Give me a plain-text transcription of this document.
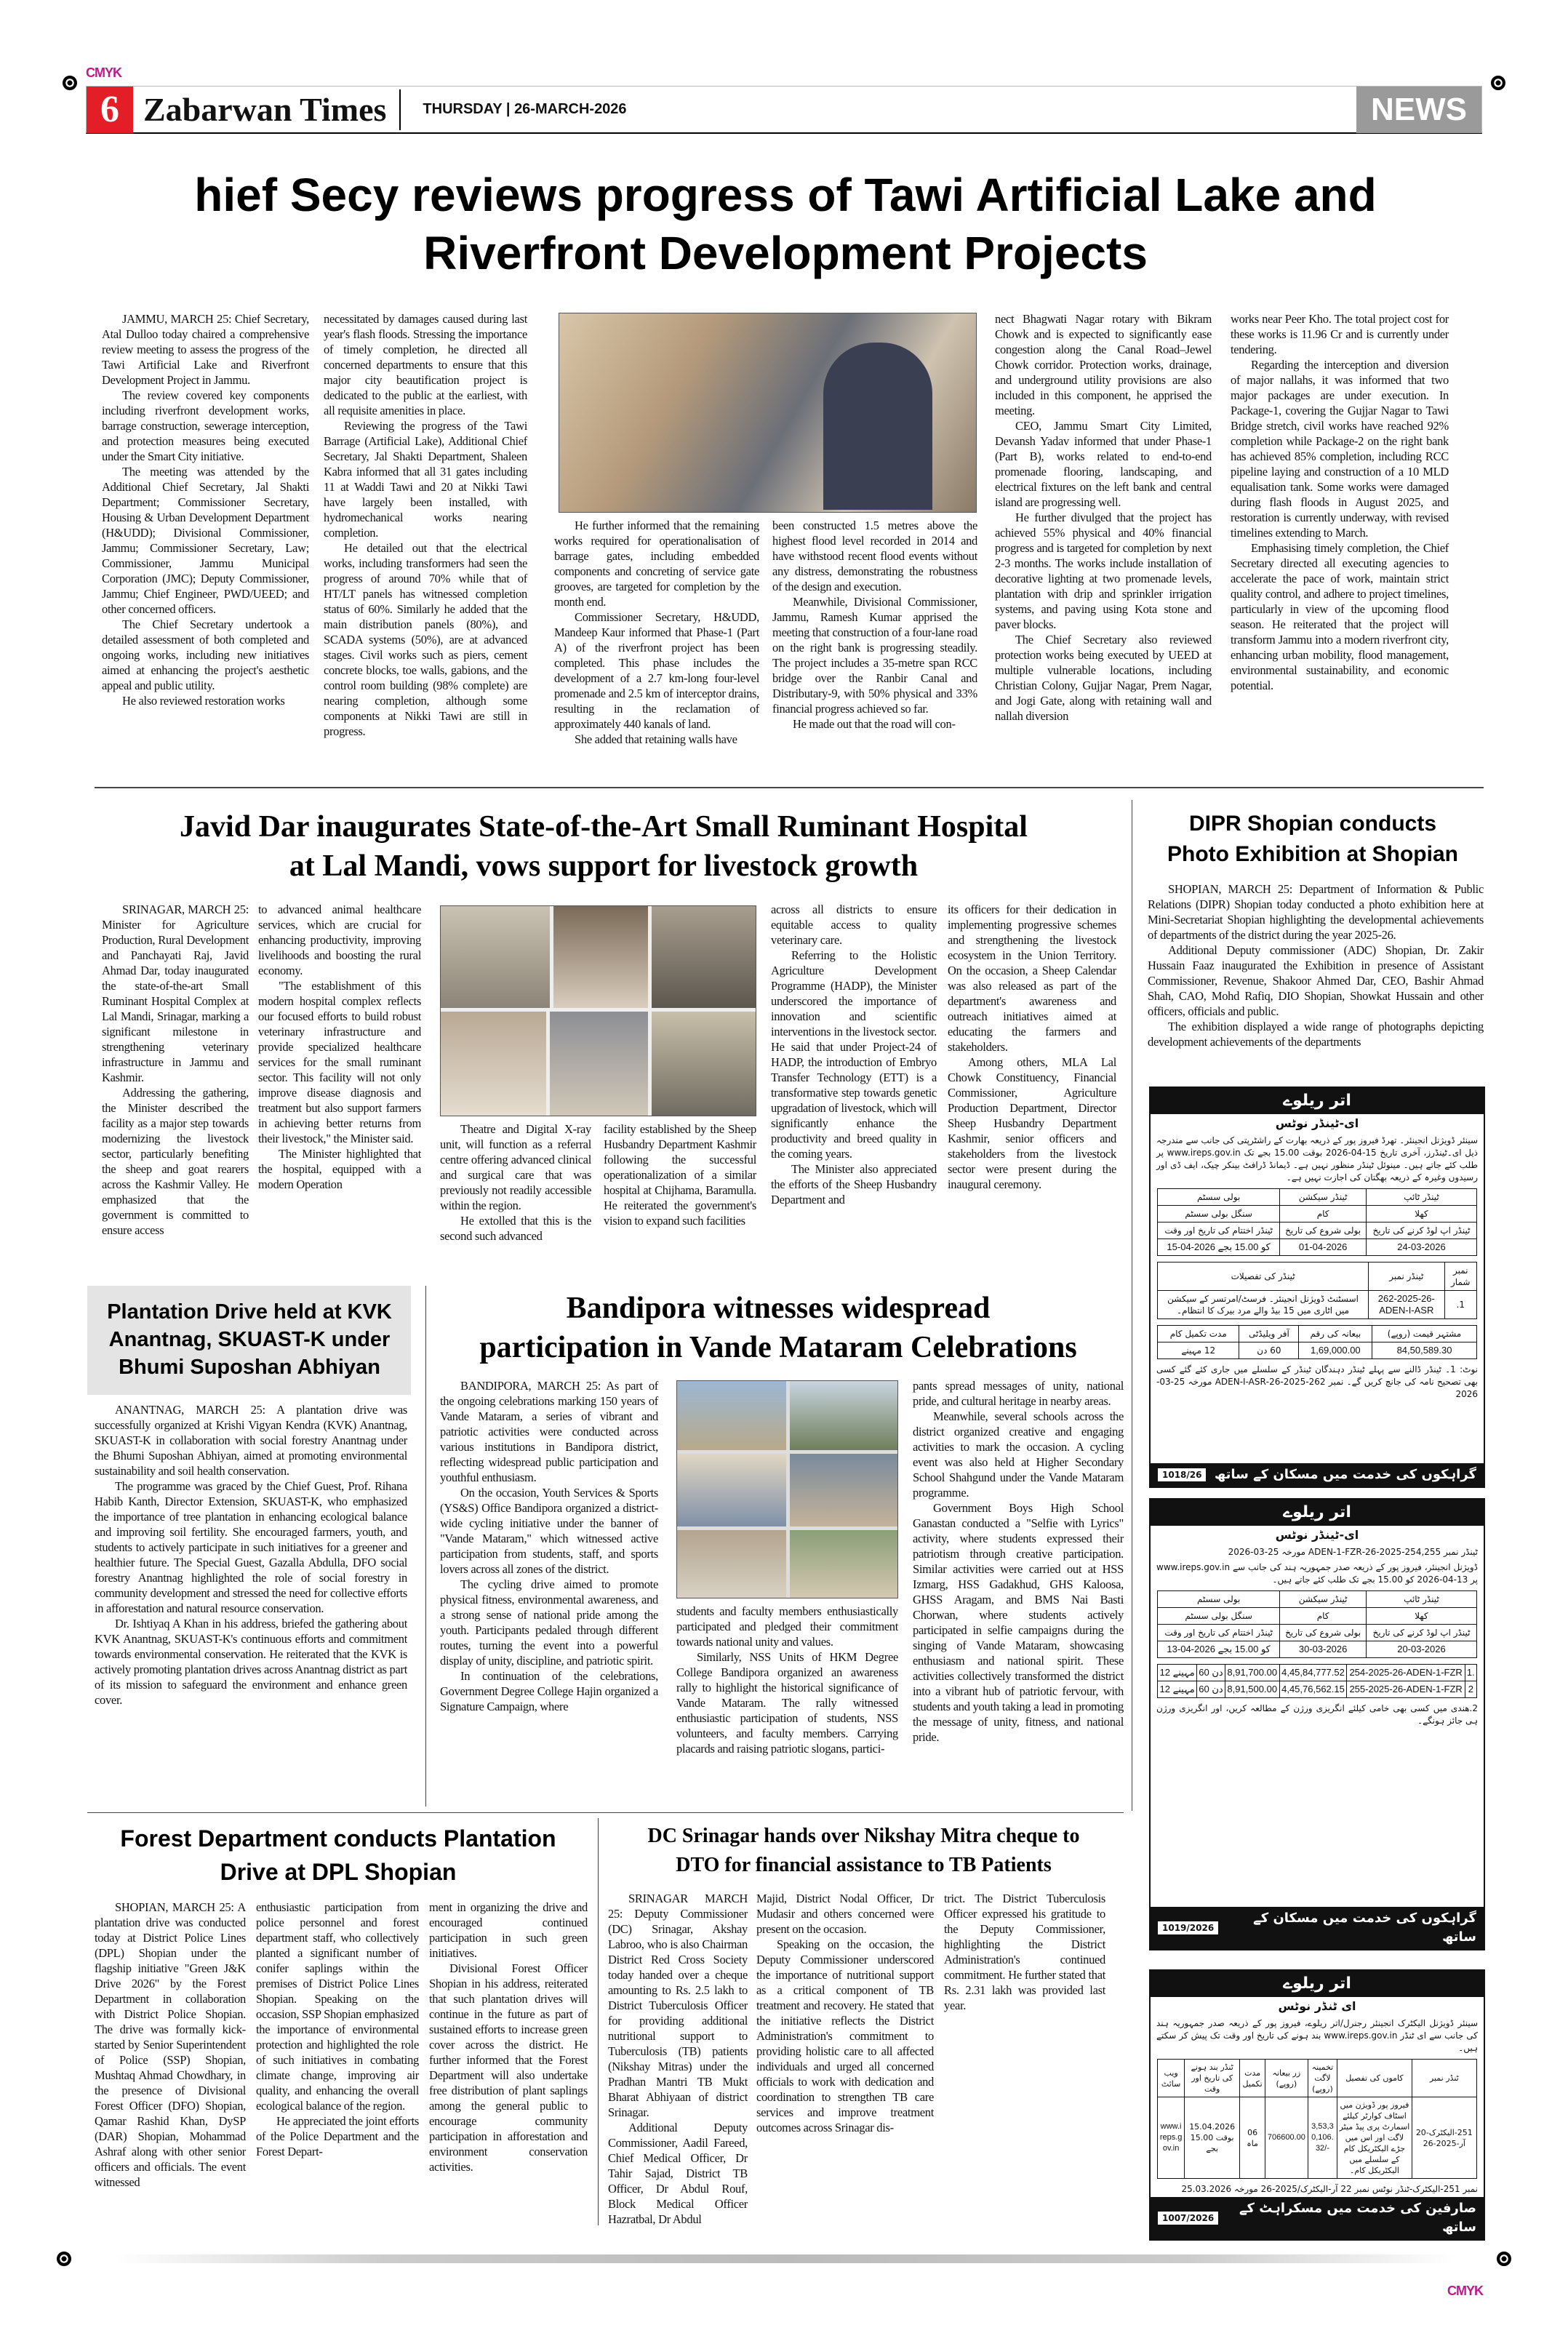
CMYK
6 Zabarwan Times	THURSDAY | 26-MARCH-2026	NEWS
hief Secy reviews progress of Tawi Artificial Lake and
Riverfront Development Projects

JAMMU, MARCH 25: Chief Secretary, Atal Dulloo today chaired a comprehensive review meeting to assess the progress of the Tawi Artificial Lake and Riverfront Development Project in Jammu.

The review covered key components including riverfront development works, barrage construction, sewerage interception, and protection measures being executed under the Smart City initiative.

The meeting was attended by the Additional Chief Secretary, Jal Shakti Department; Commissioner Secretary, Housing & Urban Development Department (H&UDD); Divisional Commissioner, Jammu; Commissioner Secretary, Law; Commissioner, Jammu Municipal Corporation (JMC); Deputy Commissioner, Jammu; Chief Engineer, PWD/UEED; and other concerned officers.

The Chief Secretary undertook a detailed assessment of both completed and ongoing works, including new initiatives aimed at enhancing the project's aesthetic appeal and public utility.

He also reviewed restoration works

necessitated by damages caused during last year's flash floods. Stressing the importance of timely completion, he directed all concerned departments to ensure that this major city beautification project is dedicated to the public at the earliest, with all requisite amenities in place.

Reviewing the progress of the Tawi Barrage (Artificial Lake), Additional Chief Secretary, Jal Shakti Department, Shaleen Kabra informed that all 31 gates including 11 at Waddi Tawi and 20 at Nikki Tawi have largely been installed, with hydromechanical works nearing completion.

He detailed out that the electrical works, including transformers had seen the progress of around 70% while that of HT/LT panels has witnessed completion status of 60%. Similarly he added that the main distribution panels (80%), and SCADA systems (50%), are at advanced stages. Civil works such as piers, cement concrete blocks, toe walls, gabions, and the control room building (98% complete) are nearing completion, although some components at Nikki Tawi are still in progress.

He further informed that the remaining works required for operationalisation of barrage gates, including embedded components and concreting of service gate grooves, are targeted for completion by the month end.

Commissioner Secretary, H&UDD, Mandeep Kaur informed that Phase-1 (Part A) of the riverfront project has been completed. This phase includes the development of a 2.7 km-long four-level promenade and 2.5 km of interceptor drains, resulting in the reclamation of approximately 440 kanals of land.

She added that retaining walls have

been constructed 1.5 metres above the highest flood level recorded in 2014 and have withstood recent flood events without any distress, demonstrating the robustness of the design and execution.

Meanwhile, Divisional Commissioner, Jammu, Ramesh Kumar apprised the meeting that construction of a four-lane road on the right bank is progressing steadily. The project includes a 35-metre span RCC bridge over the Ranbir Canal and Distributary-9, with 50% physical and 33% financial progress achieved so far.

He made out that the road will con-

nect Bhagwati Nagar rotary with Bikram Chowk and is expected to significantly ease congestion along the Canal Road–Jewel Chowk corridor. Protection works, drainage, and underground utility provisions are also included in this component, he apprised the meeting.

CEO, Jammu Smart City Limited, Devansh Yadav informed that under Phase-1 (Part B), works related to end-to-end promenade flooring, landscaping, and electrical fixtures on the left bank and central island are progressing well.

He further divulged that the project has achieved 55% physical and 40% financial progress and is targeted for completion by next 2-3 months. The works include installation of decorative lighting at two promenade levels, plantation with drip and sprinkler irrigation systems, and paving using Kota stone and paver blocks.

The Chief Secretary also reviewed protection works being executed by UEED at multiple vulnerable locations, including Christian Colony, Gujjar Nagar, Prem Nagar, and Jogi Gate, along with retaining wall and nallah diversion

works near Peer Kho. The total project cost for these works is 11.96 Cr and is currently under tendering.

Regarding the interception and diversion of major nallahs, it was informed that two major packages are under execution. In Package-1, covering the Gujjar Nagar to Tawi Bridge stretch, civil works have reached 92% completion while Package-2 on the right bank has achieved 85% completion, including RCC pipeline laying and construction of a 10 MLD equalisation tank. Some works were damaged during flash floods in August 2025, and restoration is currently underway, with revised timelines extending to March.

Emphasising timely completion, the Chief Secretary directed all executing agencies to accelerate the pace of work, maintain strict quality control, and adhere to project timelines, particularly in view of the upcoming flood season. He reiterated that the project will transform Jammu into a modern riverfront city, enhancing urban mobility, flood management, environmental sustainability, and economic potential.

Javid Dar inaugurates State-of-the-Art Small Ruminant Hospital
at Lal Mandi, vows support for livestock growth

SRINAGAR, MARCH 25: Minister for Agriculture Production, Rural Development and Panchayati Raj, Javid Ahmad Dar, today inaugurated the state-of-the-art Small Ruminant Hospital Complex at Lal Mandi, Srinagar, marking a significant milestone in strengthening veterinary infrastructure in Jammu and Kashmir.

Addressing the gathering, the Minister described the facility as a major step towards modernizing the livestock sector, particularly benefiting the sheep and goat rearers across the Kashmir Valley. He emphasized that the government is committed to ensure access

to advanced animal healthcare services, which are crucial for enhancing productivity, improving livelihoods and boosting the rural economy.

"The establishment of this modern hospital complex reflects our focused efforts to build robust veterinary infrastructure and provide specialized healthcare services for the small ruminant sector. This facility will not only improve disease diagnosis and treatment but also support farmers in achieving better returns from their livestock," the Minister said.

The Minister highlighted that the hospital, equipped with a modern Operation

Theatre and Digital X-ray unit, will function as a referral centre offering advanced clinical and surgical care that was previously not readily accessible within the region.

He extolled that this is the second such advanced

facility established by the Sheep Husbandry Department Kashmir following the successful operationalization of a similar hospital at Chijhama, Baramulla. He reiterated the government's vision to expand such facilities

across all districts to ensure equitable access to quality veterinary care.

Referring to the Holistic Agriculture Development Programme (HADP), the Minister underscored the importance of innovation and scientific interventions in the livestock sector. He said that under Project-24 of HADP, the introduction of Embryo Transfer Technology (ETT) is a transformative step towards genetic upgradation of livestock, which will significantly enhance the productivity and breed quality in the coming years.

The Minister also appreciated the efforts of the Sheep Husbandry Department and

its officers for their dedication in implementing progressive schemes and strengthening the livestock ecosystem in the Union Territory. On the occasion, a Sheep Calendar was also released as part of the department's awareness and outreach initiatives aimed at educating the farmers and stakeholders.

Among others, MLA Lal Chowk Constituency, Financial Commissioner, Agriculture Production Department, Director Sheep Husbandry Department Kashmir, senior officers and stakeholders from the livestock sector were present during the inaugural ceremony.

DIPR Shopian conducts
Photo Exhibition at Shopian

SHOPIAN, MARCH 25: Department of Information & Public Relations (DIPR) Shopian today conducted a photo exhibition here at Mini-Secretariat Shopian highlighting the developmental achievements of departments of the district during the year 2025-26.

Additional Deputy commissioner (ADC) Shopian, Dr. Zakir Hussain Faaz inaugurated the Exhibition in presence of Assistant Commissioner, Revenue, Shakoor Ahmed Dar, CEO, Bashir Ahmad Shah, CAO, Mohd Rafiq, DIO Shopian, Showkat Hussain and other officers, officials and public.

The exhibition displayed a wide range of photographs depicting development achievements of the departments

اتر ریلوے
ای-ٹینڈر نوٹس
سینئر ڈویژنل انجینئر۔ تھرڈ فیروز پور کے ذریعہ بھارت کے راشٹرپتی کی جانب سے مندرجہ ذیل ای۔ٹینڈرز، آخری تاریخ 15-04-2026 بوقت 15.00 بجے تک www.ireps.gov.in پر طلب کئے جاتے ہیں۔ مینوئل ٹینڈر منظور نہیں ہے۔ ڈیمانڈ ڈرافٹ بینکر چیک، ایف ڈی اور رسیدوں وغیرہ کے ذریعہ بھگتان کی اجازت نہیں ہے۔
ٹینڈر ٹائپ	ٹینڈر سیکشن	بولی سسٹم
کھلا	کام	سنگل بولی سسٹم
ٹینڈر اپ لوڈ کرنے کی تاریخ	بولی شروع کی تاریخ	ٹینڈر اختتام کی تاریخ اور وقت
24-03-2026	01-04-2026	15-04-2026 کو 15.00 بجے
نمبر شمار	ٹینڈر نمبر	ٹینڈر کی تفصیلات
1.	262-2025-26-ADEN-I-ASR	اسسٹنٹ ڈویژنل انجینئر۔ فرسٹ/امرتسر کے سیکشن میں اٹاری میں 15 بیڈ والے مرد بیرک کا انتظام۔
مشتہر قیمت (روپے)	بیعانہ کی رقم	آفر ویلیڈٹی	مدت تکمیل کام
84,50,589.30	1,69,000.00	60 دن	12 مہینے
نوٹ: 1۔ ٹینڈر ڈالنے سے پہلے ٹینڈر دہندگان ٹینڈر کے سلسلے میں جاری کئے گئے کسی بھی تصحیح نامہ کی جانچ کریں گے۔ نمبر 262-2025-26-ADEN-I-ASR مورخہ 25-03-2026
گراہکوں کی خدمت میں مسکان کے ساتھ
1018/26
اتر ریلوے
ای-ٹینڈر نوٹس
ٹینڈر نمبر 254,255-2025-26-ADEN-1-FZR مورخہ 25-03-2026
ڈویژنل انجینئر، فیروز پور کے ذریعہ صدر جمہوریہ ہند کی جانب سے www.ireps.gov.in پر 13-04-2026 کو 15.00 بجے تک طلب کئے جاتے ہیں۔
ٹینڈر ٹائپ	ٹینڈر سیکشن	بولی سسٹم
کھلا	کام	سنگل بولی سسٹم
ٹینڈر اپ لوڈ کرنے کی تاریخ	بولی شروع کی تاریخ	ٹینڈر اختتام کی تاریخ اور وقت
20-03-2026	30-03-2026	13-04-2026 کو 15.00 بجے
1.	254-2025-26-ADEN-1-FZR	4,45,84,777.52	8,91,700.00	60 دن	12 مہینے
2	255-2025-26-ADEN-1-FZR	4,45,76,562.15	8,91,500.00	60 دن	12 مہینے
2.ھندی میں کسی بھی خامی کیلئے انگریزی ورژن کے مطالعہ کریں، اور انگریزی ورژن ہی جائز ہونگے۔
گراہکوں کی خدمت میں مسکان کے ساتھ
1019/2026
اتر ریلوے
ای ٹنڈر نوٹس
سینئر ڈویژنل الیکٹرک انجینئر رجنرل/اتر ریلوے، فیروز پور کے ذریعہ صدر جمہوریہ ہند کی جانب سے ای ٹنڈر www.ireps.gov.in بند ہونے کی تاریخ اور وقت تک پیش کر سکتے ہیں۔
ٹنڈر نمبر	کاموں کی تفصیل	تخمینہ لاگت (روپے)	زر بیعانہ (روپے)	مدت تکمیل	ٹنڈر بند ہونے کی تاریخ اور وقت	ویب سائٹ
251-الیکٹرک-20 آر-2025-26	فیروز پور ڈویژن میں اسٹاف کوارٹر کیلئے اسمارٹ پری پیڈ میٹر لاگت اور اس میں جڑے الیکٹریکل کام کے سلسلے میں الیکٹریکل کام۔	3,53,30,106.32/-	706600.00	06 ماہ	15.04.2026 بوقت 15.00 بجے	www.ireps.gov.in
نمبر 251-الیکٹرک-ٹنڈر نوٹس نمبر 22 آر-الیکٹرک/2025-26 مورخہ 25.03.2026
صارفین کی خدمت میں مسکراہٹ کے ساتھ
1007/2026
Plantation Drive held at KVK Anantnag, SKUAST-K under Bhumi Suposhan Abhiyan

ANANTNAG, MARCH 25: A plantation drive was successfully organized at Krishi Vigyan Kendra (KVK) Anantnag, SKUAST-K in collaboration with social forestry Anantnag under the Bhumi Suposhan Abhiyan, aimed at promoting environmental sustainability and soil health conservation.

The programme was graced by the Chief Guest, Prof. Rihana Habib Kanth, Director Extension, SKUAST-K, who emphasized the importance of tree plantation in enhancing ecological balance and improving soil fertility. She encouraged farmers, youth, and students to actively participate in such initiatives for a greener and healthier future. The Special Guest, Gazalla Abdulla, DFO social forestry Anantnag highlighted the role of social forestry in community development and stressed the need for collective efforts in afforestation and natural resource conservation.

Dr. Ishtiyaq A Khan in his address, briefed the gathering about KVK Anantnag, SKUAST-K's continuous efforts and commitment towards environmental conservation. He reiterated that the KVK is actively promoting plantation drives across Anantnag district as part of its mission to safeguard the environment and enhance green cover.

Bandipora witnesses widespread
participation in Vande Mataram Celebrations

BANDIPORA, MARCH 25: As part of the ongoing celebrations marking 150 years of Vande Mataram, a series of vibrant and patriotic activities were conducted across various institutions in Bandipora district, reflecting widespread public participation and youthful enthusiasm.

On the occasion, Youth Services & Sports (YS&S) Office Bandipora organized a district-wide cycling initiative under the banner of "Vande Mataram," which witnessed active participation from students, staff, and sports lovers across all zones of the district.

The cycling drive aimed to promote physical fitness, environmental awareness, and a strong sense of national pride among the youth. Participants pedaled through different routes, turning the event into a powerful display of unity, discipline, and patriotic spirit.

In continuation of the celebrations, Government Degree College Hajin organized a Signature Campaign, where

students and faculty members enthusiastically participated and pledged their commitment towards national unity and values.

Similarly, NSS Units of HKM Degree College Bandipora organized an awareness rally to highlight the historical significance of Vande Mataram. The rally witnessed enthusiastic participation of students, NSS volunteers, and faculty members. Carrying placards and raising patriotic slogans, partici-

pants spread messages of unity, national pride, and cultural heritage in nearby areas.

Meanwhile, several schools across the district organized creative and engaging activities to mark the occasion. A cycling event was also held at Higher Secondary School Shahgund under the Vande Mataram programme.

Government Boys High School Ganastan conducted a "Selfie with Lyrics" activity, where students expressed their patriotism through creative participation. Similar activities were carried out at HSS Izmarg, HSS Gadakhud, GHS Kaloosa, GHSS Aragam, and BMS Nai Basti Chorwan, where students actively participated in selfie campaigns during the singing of Vande Mataram, showcasing enthusiasm and national spirit. These activities collectively transformed the district into a vibrant hub of patriotic fervour, with students and youth taking a lead in promoting the message of unity, fitness, and national pride.

Forest Department conducts Plantation
Drive at DPL Shopian

SHOPIAN, MARCH 25: A plantation drive was conducted today at District Police Lines (DPL) Shopian under the flagship initiative "Green J&K Drive 2026" by the Forest Department in collaboration with District Police Shopian. The drive was formally kick-started by Senior Superintendent of Police (SSP) Shopian, Mushtaq Ahmad Chowdhary, in the presence of Divisional Forest Officer (DFO) Shopian, Qamar Rashid Khan, DySP (DAR) Shopian, Mohammad Ashraf along with other senior officers and officials. The event witnessed

enthusiastic participation from police personnel and forest department staff, who collectively planted a significant number of conifer saplings within the premises of District Police Lines Shopian. Speaking on the occasion, SSP Shopian emphasized the importance of environmental protection and highlighted the role of such initiatives in combating climate change, improving air quality, and enhancing the overall ecological balance of the region.

He appreciated the joint efforts of the Police Department and the Forest Depart-

ment in organizing the drive and encouraged continued participation in such green initiatives.

Divisional Forest Officer Shopian in his address, reiterated that such plantation drives will continue in the future as part of sustained efforts to increase green cover across the district. He further informed that the Forest Department will also undertake free distribution of plant saplings among the general public to encourage community participation in afforestation and environment conservation activities.

DC Srinagar hands over Nikshay Mitra cheque to
DTO for financial assistance to TB Patients

SRINAGAR MARCH 25: Deputy Commissioner (DC) Srinagar, Akshay Labroo, who is also Chairman District Red Cross Society today handed over a cheque amounting to Rs. 2.5 lakh to District Tuberculosis Officer for providing additional nutritional support to Tuberculosis (TB) patients (Nikshay Mitras) under the Pradhan Mantri TB Mukt Bharat Abhiyaan of district Srinagar.

Additional Deputy Commissioner, Aadil Fareed, Chief Medical Officer, Dr Tahir Sajad, District TB Officer, Dr Abdul Rouf, Block Medical Officer Hazratbal, Dr Abdul

Majid, District Nodal Officer, Dr Mudasir and others concerned were present on the occasion.

Speaking on the occasion, the Deputy Commissioner underscored the importance of nutritional support as a critical component of TB treatment and recovery. He stated that the initiative reflects the District Administration's commitment to providing holistic care to all affected individuals and urged all concerned officials to work with dedication and coordination to strengthen TB care services and improve treatment outcomes across Srinagar dis-

trict. The District Tuberculosis Officer expressed his gratitude to the Deputy Commissioner, highlighting the District Administration's continued commitment. He further stated that Rs. 2.31 lakh was provided last year.

CMYK
